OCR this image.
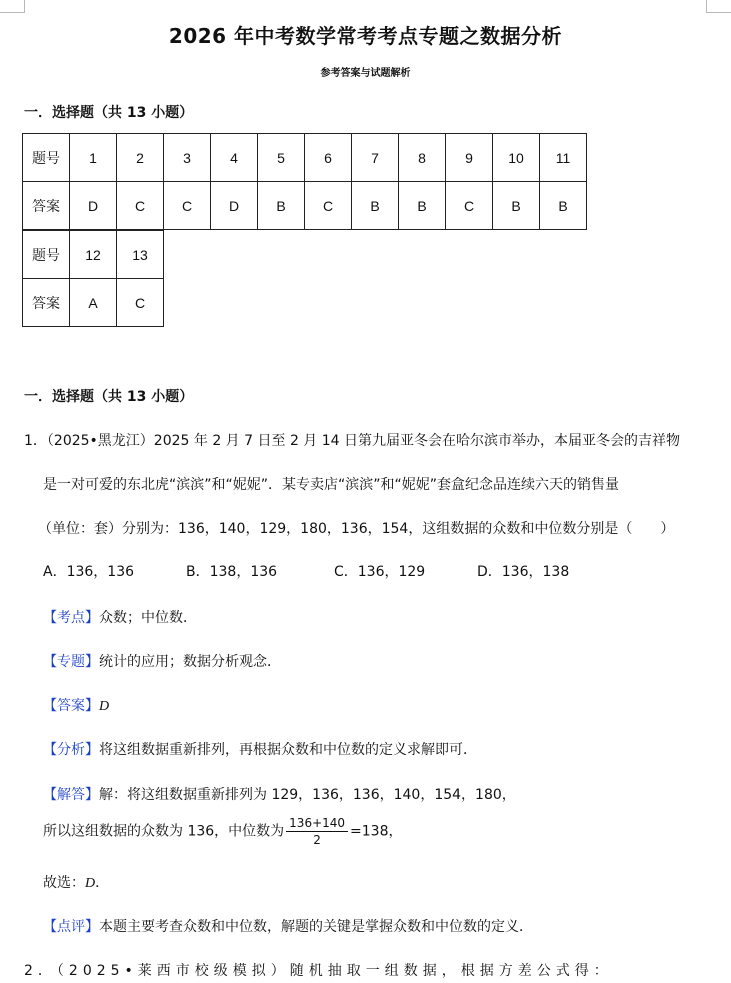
2026 年中考数学常考考点专题之数据分析
参考答案与试题解析
一．选择题（共 13 小题）
题号	1	2	3	4	5	6	7	8	9	10	11
答案	D	C	C	D	B	C	B	B	C	B	B
题号	12	13
答案	A	C
一．选择题（共 13 小题）
1．（2025•黑龙江）2025 年 2 月 7 日至 2 月 14 日第九届亚冬会在哈尔滨市举办，本届亚冬会的吉祥物
是一对可爱的东北虎“滨滨”和“妮妮”．某专卖店“滨滨”和“妮妮”套盒纪念品连续六天的销售量
（单位：套）分别为：136，140，129，180，136，154，这组数据的众数和中位数分别是（　　）
A．136，136	B．138，136	C．136，129	D．136，138
【考点】众数；中位数．
【专题】统计的应用；数据分析观念．
【答案】D
【分析】将这组数据重新排列，再根据众数和中位数的定义求解即可．
【解答】解：将这组数据重新排列为 129，136，136，140，154，180，
所以这组数据的众数为 136，中位数为 $\frac{136+140}{2} =138$，
故选：D．
【点评】本题主要考查众数和中位数，解题的关键是掌握众数和中位数的定义．
2．（2025•莱西市校级模拟）随机抽取一组数据，根据方差公式得：
